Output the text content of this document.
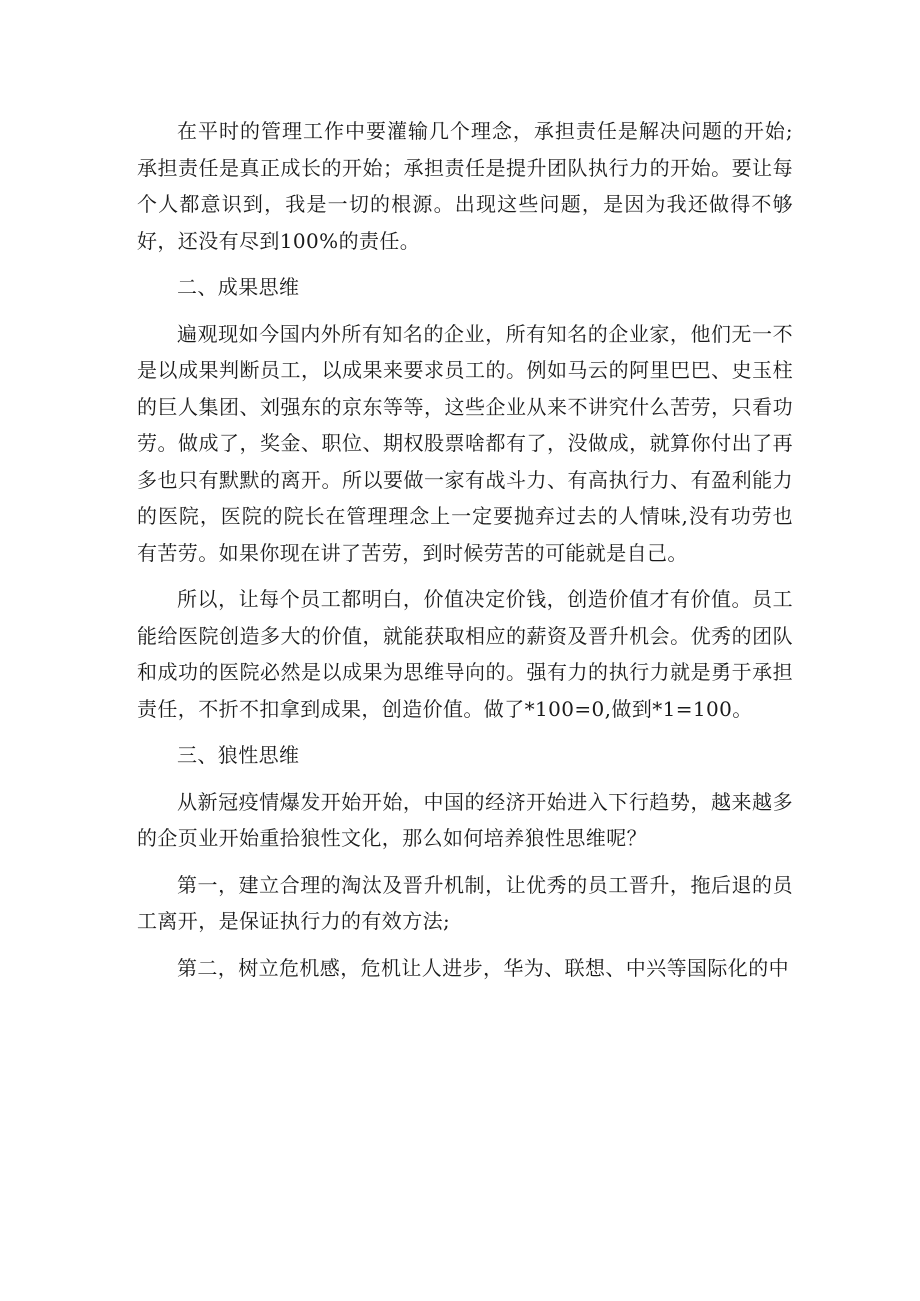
在平时的管理工作中要灌输几个理念，承担责任是解决问题的开始;承担责任是真正成长的开始；承担责任是提升团队执行力的开始。要让每个人都意识到，我是一切的根源。出现这些问题，是因为我还做得不够好，还没有尽到100%的责任。

二、成果思维

遍观现如今国内外所有知名的企业，所有知名的企业家，他们无一不是以成果判断员工，以成果来要求员工的。例如马云的阿里巴巴、史玉柱的巨人集团、刘强东的京东等等，这些企业从来不讲究什么苦劳，只看功劳。做成了，奖金、职位、期权股票啥都有了，没做成，就算你付出了再多也只有默默的离开。所以要做一家有战斗力、有高执行力、有盈利能力的医院，医院的院长在管理理念上一定要抛弃过去的人情味,没有功劳也有苦劳。如果你现在讲了苦劳，到时候劳苦的可能就是自己。

所以，让每个员工都明白，价值决定价钱，创造价值才有价值。员工能给医院创造多大的价值，就能获取相应的薪资及晋升机会。优秀的团队和成功的医院必然是以成果为思维导向的。强有力的执行力就是勇于承担责任，不折不扣拿到成果，创造价值。做了*100=0,做到*1=100。

三、狼性思维

从新冠疫情爆发开始开始，中国的经济开始进入下行趋势，越来越多的企页业开始重拾狼性文化，那么如何培养狼性思维呢？

第一，建立合理的淘汰及晋升机制，让优秀的员工晋升，拖后退的员工离开，是保证执行力的有效方法;

第二，树立危机感，危机让人进步，华为、联想、中兴等国际化的中
